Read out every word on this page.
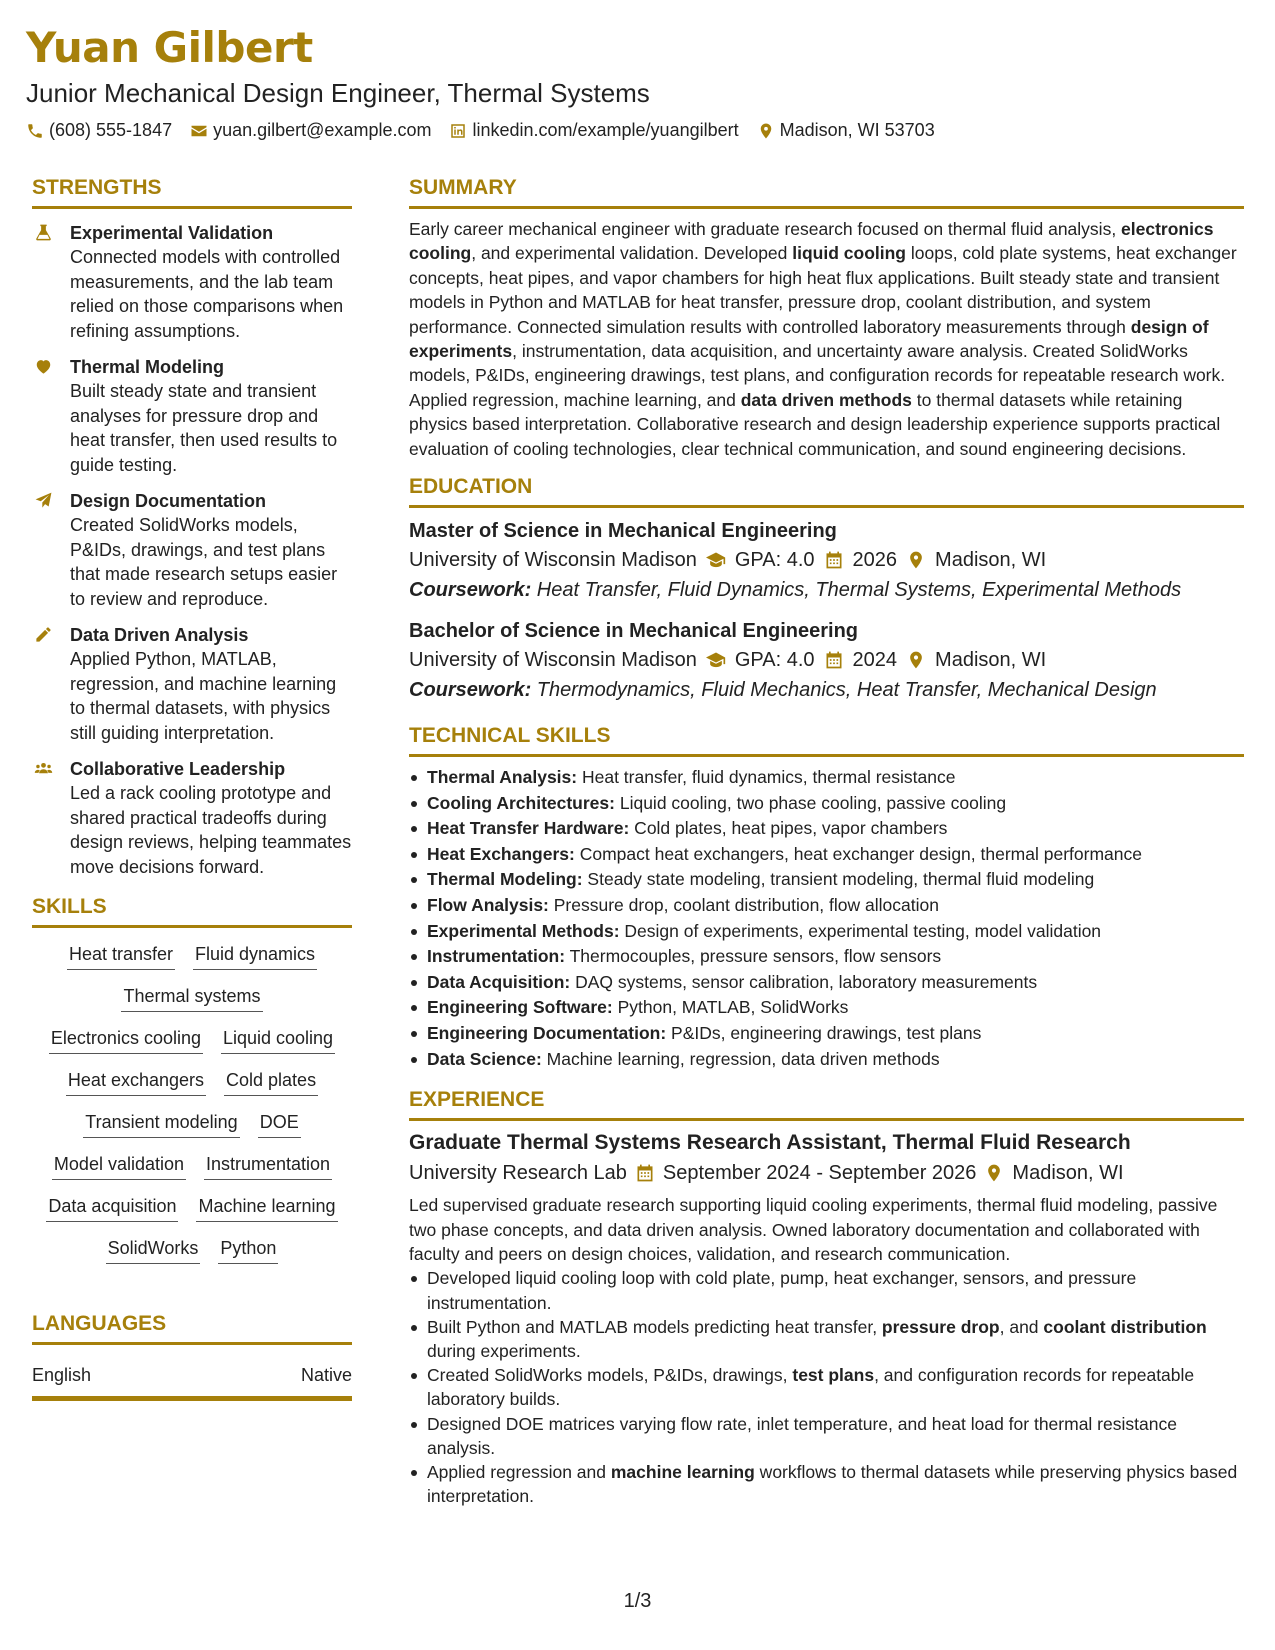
Yuan Gilbert
Junior Mechanical Design Engineer, Thermal Systems
(608) 555-1847 yuan.gilbert@example.com linkedin.com/example/yuangilbert Madison, WI 53703
STRENGTHS
Experimental Validation
Connected models with controlled measurements, and the lab team relied on those comparisons when refining assumptions.
Thermal Modeling
Built steady state and transient analyses for pressure drop and heat transfer, then used results to guide testing.
Design Documentation
Created SolidWorks models, P&IDs, drawings, and test plans that made research setups easier to review and reproduce.
Data Driven Analysis
Applied Python, MATLAB, regression, and machine learning to thermal datasets, with physics still guiding interpretation.
Collaborative Leadership
Led a rack cooling prototype and shared practical tradeoffs during design reviews, helping teammates move decisions forward.
SKILLS
Heat transfer Fluid dynamics
Thermal systems
Electronics cooling Liquid cooling
Heat exchangers Cold plates
Transient modeling DOE
Model validation Instrumentation
Data acquisition Machine learning
SolidWorks Python
LANGUAGES
English	Native
SUMMARY
Early career mechanical engineer with graduate research focused on thermal fluid analysis, electronics cooling, and experimental validation. Developed liquid cooling loops, cold plate systems, heat exchanger concepts, heat pipes, and vapor chambers for high heat flux applications. Built steady state and transient models in Python and MATLAB for heat transfer, pressure drop, coolant distribution, and system performance. Connected simulation results with controlled laboratory measurements through design of experiments, instrumentation, data acquisition, and uncertainty aware analysis. Created SolidWorks models, P&IDs, engineering drawings, test plans, and configuration records for repeatable research work. Applied regression, machine learning, and data driven methods to thermal datasets while retaining physics based interpretation. Collaborative research and design leadership experience supports practical evaluation of cooling technologies, clear technical communication, and sound engineering decisions.
EDUCATION
Master of Science in Mechanical Engineering
University of Wisconsin Madison GPA: 4.0 2026 Madison, WI
Coursework: Heat Transfer, Fluid Dynamics, Thermal Systems, Experimental Methods
Bachelor of Science in Mechanical Engineering
University of Wisconsin Madison GPA: 4.0 2024 Madison, WI
Coursework: Thermodynamics, Fluid Mechanics, Heat Transfer, Mechanical Design
TECHNICAL SKILLS
Thermal Analysis: Heat transfer, fluid dynamics, thermal resistance
Cooling Architectures: Liquid cooling, two phase cooling, passive cooling
Heat Transfer Hardware: Cold plates, heat pipes, vapor chambers
Heat Exchangers: Compact heat exchangers, heat exchanger design, thermal performance
Thermal Modeling: Steady state modeling, transient modeling, thermal fluid modeling
Flow Analysis: Pressure drop, coolant distribution, flow allocation
Experimental Methods: Design of experiments, experimental testing, model validation
Instrumentation: Thermocouples, pressure sensors, flow sensors
Data Acquisition: DAQ systems, sensor calibration, laboratory measurements
Engineering Software: Python, MATLAB, SolidWorks
Engineering Documentation: P&IDs, engineering drawings, test plans
Data Science: Machine learning, regression, data driven methods
EXPERIENCE
Graduate Thermal Systems Research Assistant, Thermal Fluid Research
University Research Lab September 2024 - September 2026 Madison, WI
Led supervised graduate research supporting liquid cooling experiments, thermal fluid modeling, passive two phase concepts, and data driven analysis. Owned laboratory documentation and collaborated with faculty and peers on design choices, validation, and research communication.
Developed liquid cooling loop with cold plate, pump, heat exchanger, sensors, and pressure instrumentation.
Built Python and MATLAB models predicting heat transfer, pressure drop, and coolant distribution during experiments.
Created SolidWorks models, P&IDs, drawings, test plans, and configuration records for repeatable laboratory builds.
Designed DOE matrices varying flow rate, inlet temperature, and heat load for thermal resistance analysis.
Applied regression and machine learning workflows to thermal datasets while preserving physics based interpretation.
1/3
